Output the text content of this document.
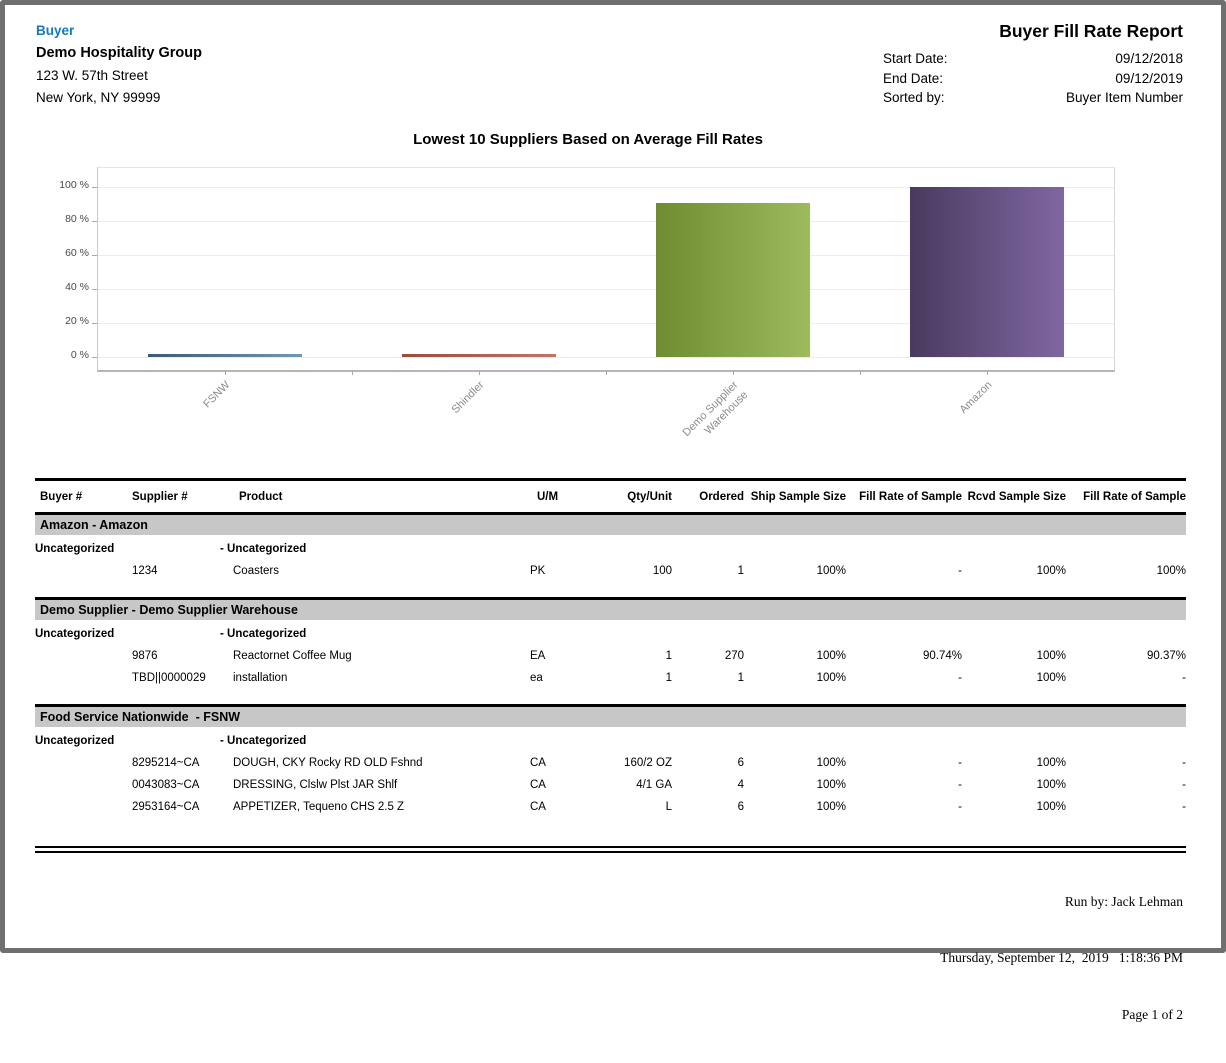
Buyer
Demo Hospitality Group
123 W. 57th Street
New York, NY 99999
Buyer Fill Rate Report
Start Date:	09/12/2018
End Date:	09/12/2019
Sorted by:	Buyer Item Number
Lowest 10 Suppliers Based on Average Fill Rates
0 %
20 %
40 %
60 %
80 %
100 %
FSNW	Shindler	Demo Supplier
Warehouse	Amazon
Buyer #	Supplier #	Product	U/M	Qty/Unit	Ordered	Ship Sample Size	Fill Rate of Sample	Rcvd Sample Size	Fill Rate of Sample
Amazon - Amazon									
Uncategorized		- Uncategorized							
	1234	Coasters	PK	100	1	100%	-	100%	100%

Demo Supplier - Demo Supplier Warehouse									
Uncategorized		- Uncategorized							
	9876	Reactornet Coffee Mug	EA	1	270	100%	90.74%	100%	90.37%
	TBD||0000029	installation	ea	1	1	100%	-	100%	-

Food Service Nationwide  - FSNW									
Uncategorized		- Uncategorized							
	8295214~CA	DOUGH, CKY Rocky RD OLD Fshnd	CA	160/2 OZ	6	100%	-	100%	-
	0043083~CA	DRESSING, Clslw Plst JAR Shlf	CA	4/1 GA	4	100%	-	100%	-
	2953164~CA	APPETIZER, Tequeno CHS 2.5 Z	CA	L	6	100%	-	100%	-

Run by: Jack Lehman

Thursday, September 12,  2019   1:18:36 PM

Page 1 of 2
